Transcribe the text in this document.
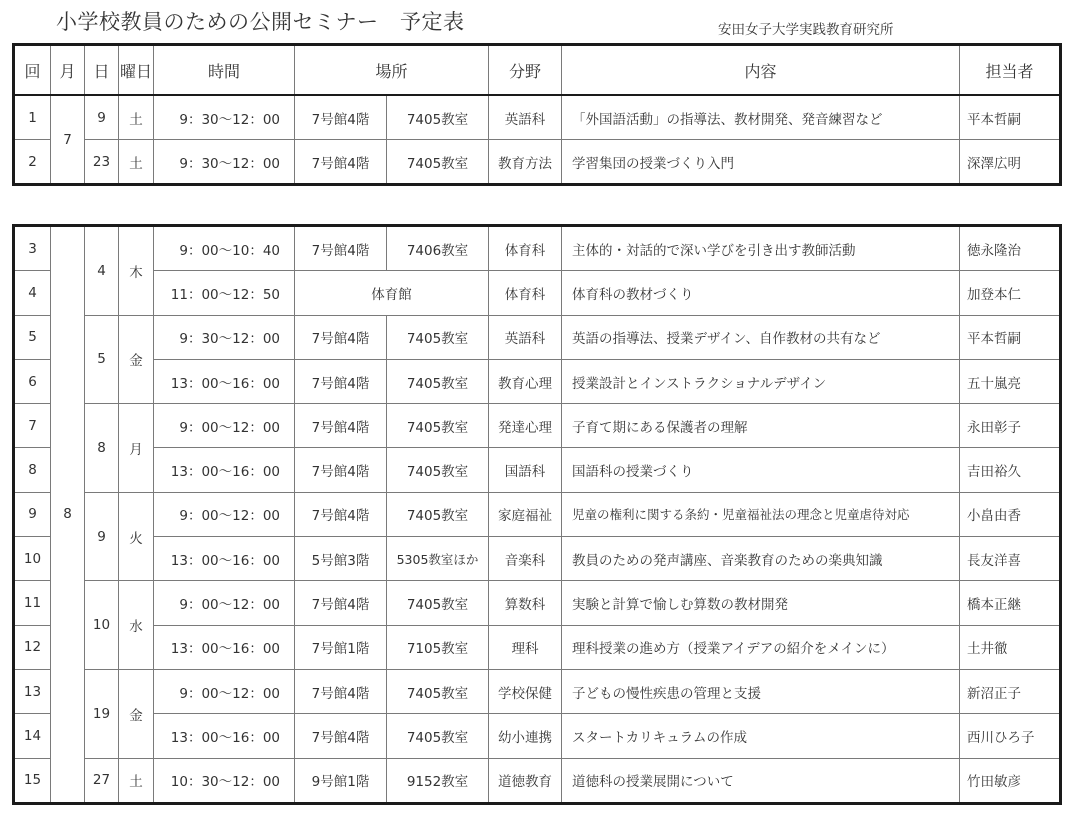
小学校教員のための公開セミナー　予定表	安田女子大学実践教育研究所
回	月	日	曜日	時間	場所		分野	内容	担当者
1	7	9	土	9：30～12：00	7号館4階	7405教室	英語科	「外国語活動」の指導法、教材開発、発音練習など	平本哲嗣
2		23	土	9：30～12：00	7号館4階	7405教室	教育方法	学習集団の授業づくり入門	深澤広明
3	8	4	木	9：00～10：40	7号館4階	7406教室	体育科	主体的・対話的で深い学びを引き出す教師活動	徳永隆治
4				11：00～12：50	体育館		体育科	体育科の教材づくり	加登本仁
5		5	金	9：30～12：00	7号館4階	7405教室	英語科	英語の指導法、授業デザイン、自作教材の共有など	平本哲嗣
6				13：00～16：00	7号館4階	7405教室	教育心理	授業設計とインストラクショナルデザイン	五十嵐亮
7		8	月	9：00～12：00	7号館4階	7405教室	発達心理	子育て期にある保護者の理解	永田彰子
8				13：00～16：00	7号館4階	7405教室	国語科	国語科の授業づくり	吉田裕久
9		9	火	9：00～12：00	7号館4階	7405教室	家庭福祉	児童の権利に関する条約・児童福祉法の理念と児童虐待対応	小畠由香
10				13：00～16：00	5号館3階	5305教室ほか	音楽科	教員のための発声講座、音楽教育のための楽典知識	長友洋喜
11		10	水	9：00～12：00	7号館4階	7405教室	算数科	実験と計算で愉しむ算数の教材開発	橋本正継
12				13：00～16：00	7号館1階	7105教室	理科	理科授業の進め方（授業アイデアの紹介をメインに）	土井徹
13		19	金	9：00～12：00	7号館4階	7405教室	学校保健	子どもの慢性疾患の管理と支援	新沼正子
14				13：00～16：00	7号館4階	7405教室	幼小連携	スタートカリキュラムの作成	西川ひろ子
15		27	土	10：30～12：00	9号館1階	9152教室	道徳教育	道徳科の授業展開について	竹田敏彦
